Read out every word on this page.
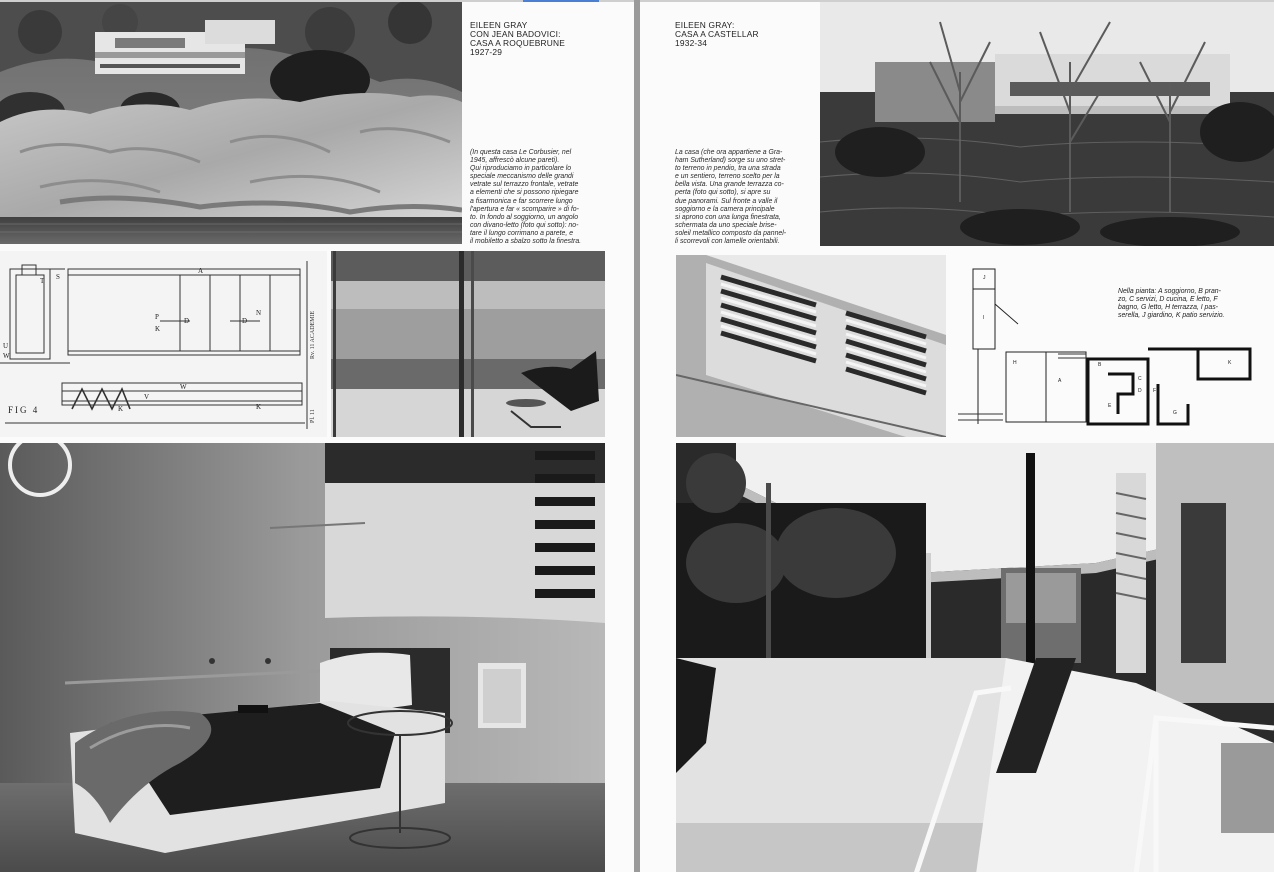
EILEEN GRAY
CON JEAN BADOVICI:
CASA A ROQUEBRUNE
1927-29
(In questa casa Le Corbusier, nel
1945, affrescò alcune pareti).
Qui riproduciamo in particolare lo
speciale meccanismo delle grandi
vetrate sul terrazzo frontale, vetrate
a elementi che si possono ripiegare
a fisarmonica e far scorrere lungo
l'apertura e far « scomparire » di fo-
to. In fondo al soggiorno, un angolo
con divano-letto (foto qui sotto): no-
tare il lungo corrimano a parete, e
il mobiletto a sbalzo sotto la finestra.
A
P
K
D	D
N
S
T
U
W
K
V
W
K
FIG 4	Pl. 11
Rv. 11 ACADEMIE
EILEEN GRAY:
CASA A CASTELLAR
1932-34
La casa (che ora appartiene a Gra-
ham Sutherland) sorge su uno stret-
to terreno in pendio, tra una strada
e un sentiero, terreno scelto per la
bella vista. Una grande terrazza co-
perta (foto qui sotto), si apre su
due panorami. Sul fronte a valle il
soggiorno e la camera principale
si aprono con una lunga finestrata,
schermata da uno speciale brise-
soleil metallico composto da pannel-
li scorrevoli con lamelle orientabili.
J
I
H
A
B
C
D
E
F
G
K
Nella pianta: A soggiorno, B pran-
zo, C servizi, D cucina, E letto, F
bagno, G letto, H terrazza, I pas-
serella, J giardino, K patio servizio.
